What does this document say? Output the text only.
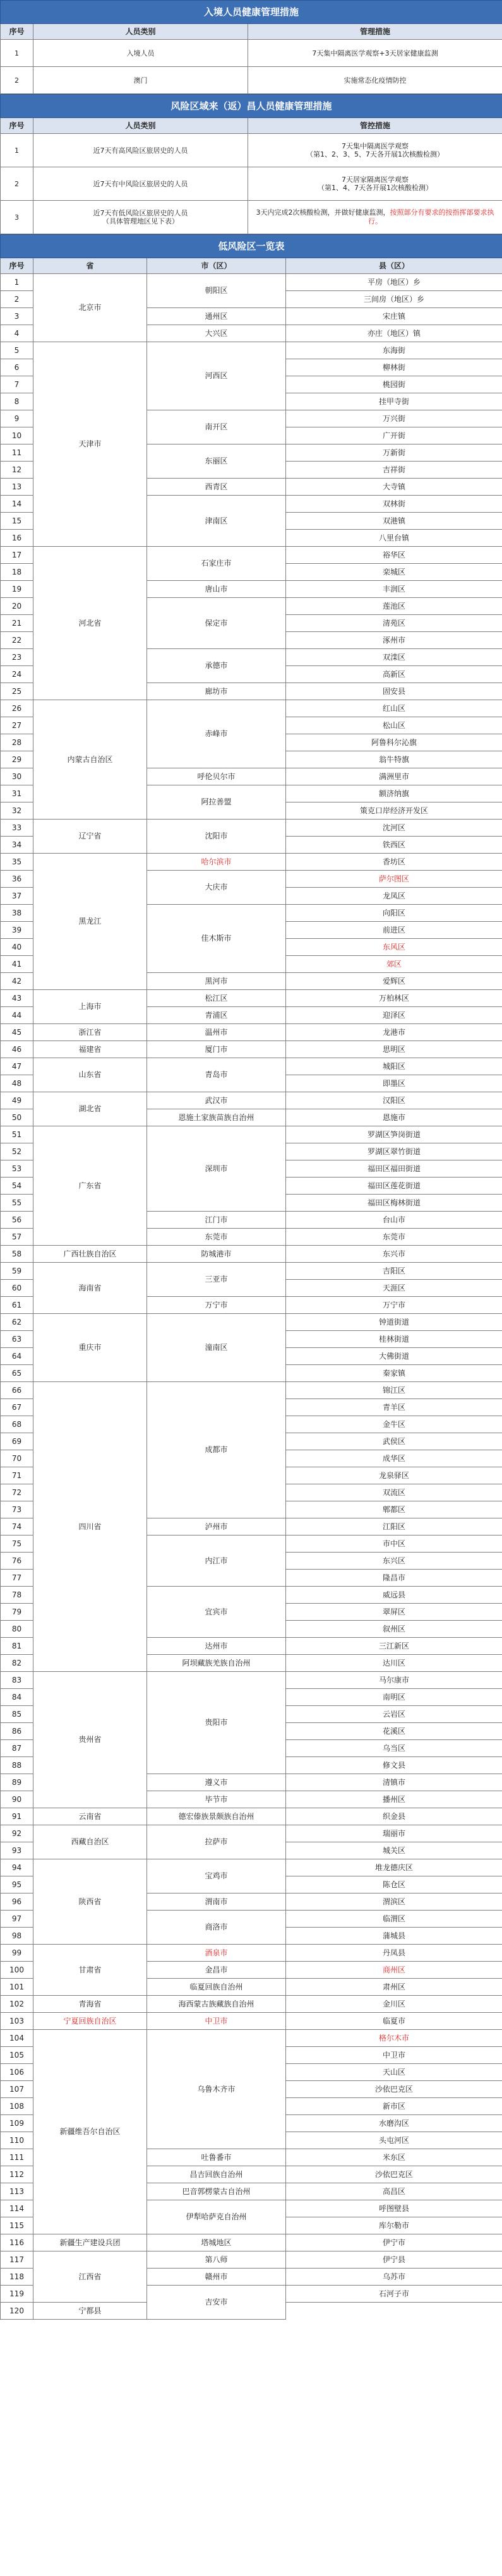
入境人员健康管理措施		
序号	人员类别	管理措施
1	入境人员	7天集中隔离医学观察+3天居家健康监测
2	澳门	实施常态化疫情防控
风险区域来（返）昌人员健康管理措施		
序号	人员类别	管控措施
1	近7天有高风险区旅居史的人员	7天集中隔离医学观察
（第1、2、3、5、7天各开展1次核酸检测）
2	近7天有中风险区旅居史的人员	7天居家隔离医学观察
（第1、4、7天各开展1次核酸检测）
3	近7天有低风险区旅居史的人员
（具体管理地区见下表）	3天内完成2次核酸检测，并做好健康监测，按照部分有要求的按指挥部要求执行。
低风险区一览表			
序号	省	市（区）	县（区）
1	北京市	朝阳区	平房（地区）乡
2			三间房（地区）乡
3		通州区	宋庄镇
4		大兴区	亦庄（地区）镇
5	天津市	河西区	东海街
6			柳林街
7			桃园街
8			挂甲寺街
9		南开区	万兴街
10			广开街
11		东丽区	万新街
12			吉祥街
13		西青区	大寺镇
14		津南区	双林街
15			双港镇
16			八里台镇
17	河北省	石家庄市	裕华区
18			栾城区
19		唐山市	丰润区
20		保定市	莲池区
21			清苑区
22			涿州市
23		承德市	双滦区
24			高新区
25		廊坊市	固安县
26	内蒙古自治区	赤峰市	红山区
27			松山区
28			阿鲁科尔沁旗
29			翁牛特旗
30		呼伦贝尔市	满洲里市
31		阿拉善盟	额济纳旗
32			策克口岸经济开发区
33	辽宁省	沈阳市	沈河区
34			铁西区
35	黑龙江	哈尔滨市	香坊区
36		大庆市	萨尔图区
37			龙凤区
38		佳木斯市	向阳区
39			前进区
40			东风区
41			郊区
42		黑河市	爱辉区
43	上海市	松江区	万柏林区
44		青浦区	迎泽区
45	浙江省	温州市	龙港市
46	福建省	厦门市	思明区
47	山东省	青岛市	城阳区
48			即墨区
49	湖北省	武汉市	汉阳区
50		恩施土家族苗族自治州	恩施市
51	广东省	深圳市	罗湖区笋岗街道
52			罗湖区翠竹街道
53			福田区福田街道
54			福田区莲花街道
55			福田区梅林街道
56		江门市	台山市
57		东莞市	东莞市
58	广西壮族自治区	防城港市	东兴市
59	海南省	三亚市	吉阳区
60			天涯区
61		万宁市	万宁市
62	重庆市	潼南区	钟道街道
63			桂林街道
64			大佛街道
65			秦家镇
66	四川省	成都市	锦江区
67			青羊区
68			金牛区
69			武侯区
70			成华区
71			龙泉驿区
72			双流区
73			郫都区
74		泸州市	江阳区
75		内江市	市中区
76			东兴区
77			隆昌市
78		宜宾市	威远县
79			翠屏区
80			叙州区
81		达州市	三江新区
82		阿坝藏族羌族自治州	达川区
83	贵州省	贵阳市	马尔康市
84			南明区
85			云岩区
86			花溪区
87			乌当区
88			修文县
89		遵义市	清镇市
90		毕节市	播州区
91	云南省	德宏傣族景颇族自治州	织金县
92	西藏自治区	拉萨市	瑞丽市
93			城关区
94	陕西省	宝鸡市	堆龙德庆区
95			陈仓区
96		渭南市	渭滨区
97		商洛市	临渭区
98			蒲城县
99	甘肃省	酒泉市	丹凤县
100		金昌市	商州区
101		临夏回族自治州	肃州区
102	青海省	海西蒙古族藏族自治州	金川区
103	宁夏回族自治区	中卫市	临夏市
104	新疆维吾尔自治区	乌鲁木齐市	格尔木市
105			中卫市
106			天山区
107			沙依巴克区
108			新市区
109			水磨沟区
110			头屯河区
111		吐鲁番市	米东区
112		昌吉回族自治州	沙依巴克区
113		巴音郭楞蒙古自治州	高昌区
114		伊犁哈萨克自治州	呼图壁县
115			库尔勒市
116	新疆生产建设兵团	塔城地区	伊宁市
117	江西省	第八师	伊宁县
118		赣州市	乌苏市
119		吉安市	石河子市
120	宁都县		
